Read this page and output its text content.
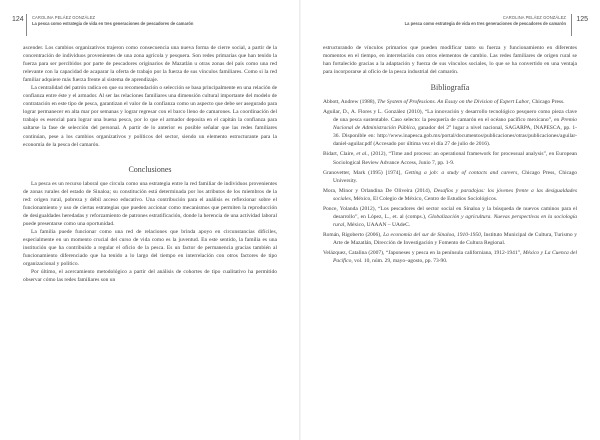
124 CAROLINA PELÁEZ GONZÁLEZ
La pesca como estrategia de vida en tres generaciones de pescadores de camarón

ascender. Los cambios organizativos trajeron como consecuencia una nueva forma de cierre social, a partir de la concentración de individuos provenientes de una zona agrícola y pesquera. Son redes primarias que han tenido la fuerza para ser percibidos por parte de pescadores originarios de Mazatlán u otras zonas del país como una red relevante con la capacidad de acaparar la oferta de trabajo por la fuerza de sus vínculos familiares. Como si la red familiar adquiere más fuerza frente al sistema de aprendizaje.

La centralidad del patrón radica en que su recomendación o selección se basa principalmente en una relación de confianza entre éste y el armador. Al ser las relaciones familiares una dimensión cultural importante del modelo de contratación en este tipo de pesca, garantizan el valor de la confianza como un aspecto que debe ser asegurado para lograr permanecer en alta mar por semanas y lograr regresar con el barco lleno de camarones. La coordinación del trabajo es esencial para lograr una buena pesca, por lo que el armador deposita en el capitán la confianza para saltarse la fase de selección del personal. A partir de lo anterior es posible señalar que las redes familiares continúan, pese a los cambios organizativos y políticos del sector, siendo un elemento estructurante para la economía de la pesca del camarón.

Conclusiones

La pesca es un recurso laboral que circula como una estrategia entre la red familiar de individuos provenientes de zonas rurales del estado de Sinaloa; su constitución está determinada por los atributos de los miembros de la red: origen rural, pobreza y débil acceso educativo. Una contribución para el análisis es reflexionar sobre el funcionamiento y uso de ciertas estrategias que pueden accionar como mecanismos que permiten la reproducción de desigualdades heredadas y reforzamiento de patrones estratificación, donde la herencia de una actividad laboral puede presentarse como una oportunidad.

La familia puede funcionar como una red de relaciones que brinda apoyo en circunstancias difíciles, especialmente en un momento crucial del curso de vida como es la juventud. En este sentido, la familia es una institución que ha contribuido a regular el oficio de la pesca. Es un factor de permanencia gracias también al funcionamiento diferenciado que ha tenido a lo largo del tiempo en interrelación con otros factores de tipo organizacional y político.

Por último, el acercamiento metodológico a partir del análisis de cohortes de tipo cualitativo ha permitido observar cómo las redes familiares son un

CAROLINA PELÁEZ GONZÁLEZ
La pesca como estrategia de vida en tres generaciones de pescadores de camarón
125

estructurando de vínculos primarios que pueden modificar tanto su fuerza y funcionamiento en diferentes momentos en el tiempo, en interrelación con otros elementos de cambio. Las redes familiares de origen rural se han fortalecido gracias a la adaptación y fuerza de sus vínculos sociales, lo que se ha convertido en una ventaja para incorporarse al oficio de la pesca industrial del camarón.

Bibliografía

Abbott, Andrew (1988), The System of Professions. An Essay on the Division of Expert Labor, Chicago Press.

Aguilar, D., A. Flores y L. González (2010), “La innovación y desarrollo tecnológico pesquero como pieza clave de una pesca sustentable. Caso selecto: la pesquería de camarón en el océano pacífico mexicano”, en Premio Nacional de Administración Pública, ganador del 2° lugar a nivel nacional, SAGARPA, INAPESCA, pp. 1-36. Disponible en: http://www.inapesca.gob.mx/portal/documentos/publicaciones/otras/publicaciones/aguilar-daniel-aguilar.pdf (Accesado por última vez el día 27 de julio de 2016).

Bidart, Claire, et al., (2012), “Time and process: an operational framework for processual analysis”, en European Sociological Review Advance Access, Junio 7, pp. 1-9.

Granovetter, Mark (1995) [1974], Getting a job: a study of contacts and careers, Chicago Press, Chicago University.

Mora, Minor y Orlandina De Oliveira (2014), Desafíos y paradojas: los jóvenes frente a las desigualdades sociales, México, El Colegio de México, Centro de Estudios Sociológicos.

Ponce, Yolanda (2012), “Los pescadores del sector social en Sinaloa y la búsqueda de nuevos caminos para el desarrollo”, en López, L., et. al (comps.), Globalización y agricultura. Nuevas perspectivas en la sociología rural, México, UAAAN – UAdeC.

Román, Rigoberto (2006), La economía del sur de Sinaloa, 1910-1950, Instituto Municipal de Cultura, Turismo y Arte de Mazatlán, Dirección de Investigación y Fomento de Cultura Regional.

Velázquez, Catalina (2007), “Japoneses y pesca en la península californiana, 1912-1941”, México y La Cuenca del Pacífico, vol. 10, núm. 29, mayo–agosto, pp. 73-90.
